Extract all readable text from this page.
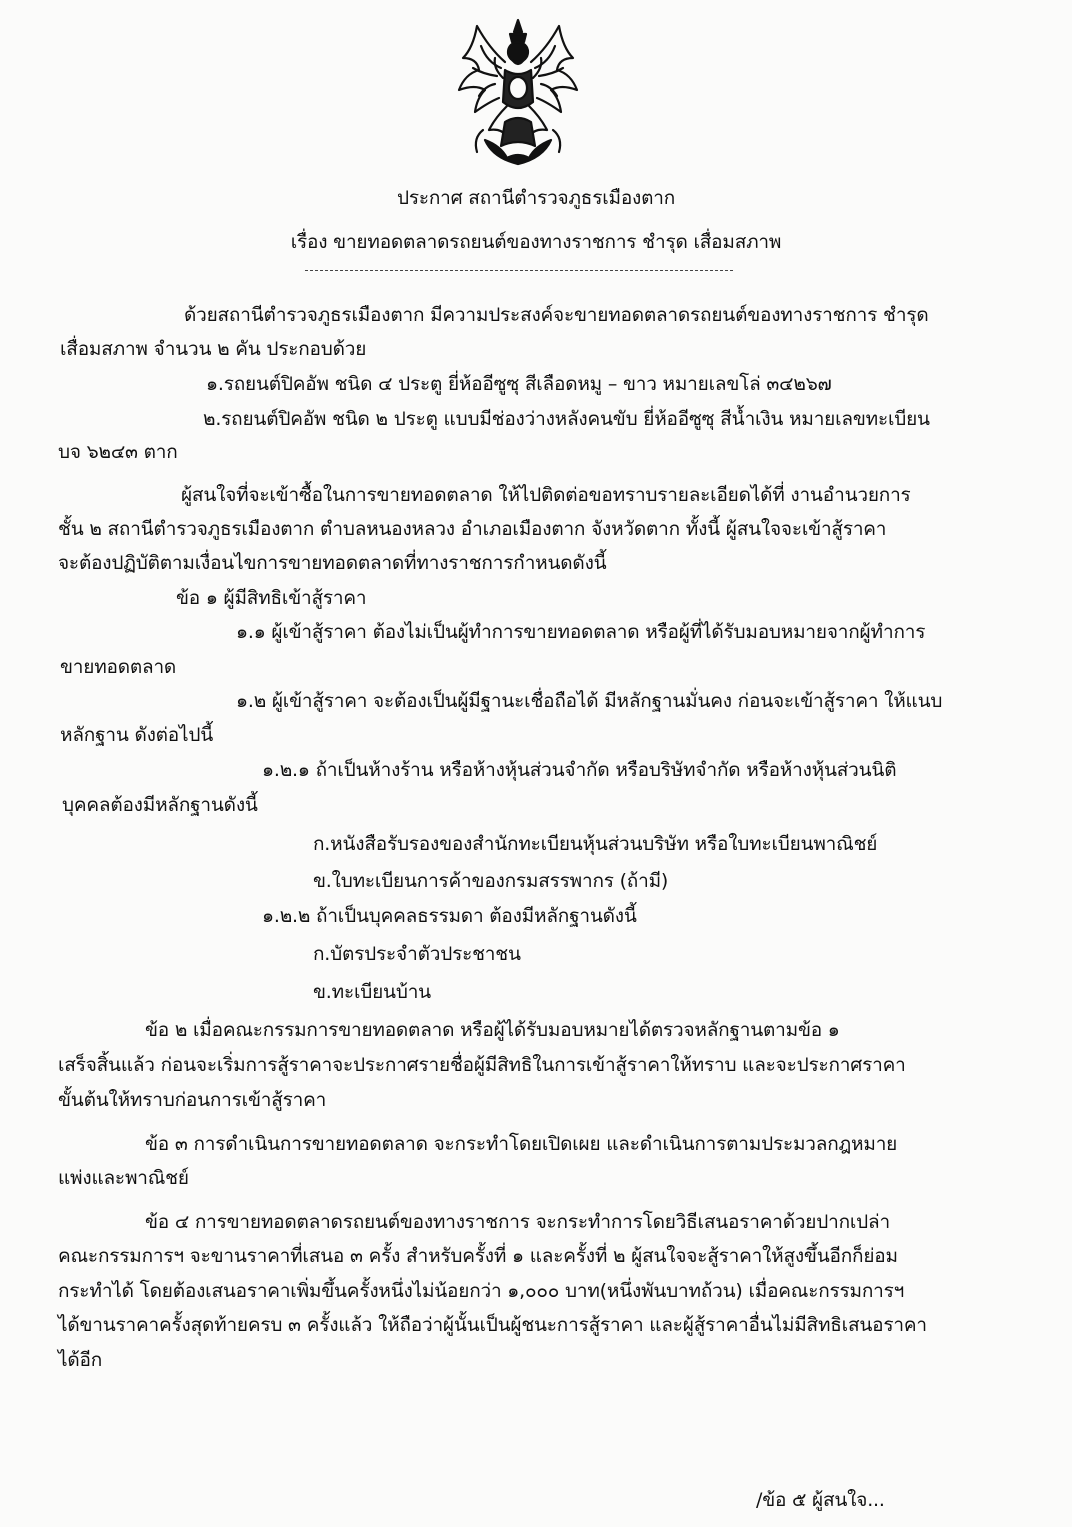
ประกาศ สถานีตำรวจภูธรเมืองตาก
เรื่อง ขายทอดตลาดรถยนต์ของทางราชการ ชำรุด เสื่อมสภาพ
ด้วยสถานีตำรวจภูธรเมืองตาก มีความประสงค์จะขายทอดตลาดรถยนต์ของทางราชการ ชำรุด
เสื่อมสภาพ จำนวน ๒ คัน ประกอบด้วย
๑.รถยนต์ปิคอัพ ชนิด ๔ ประตู ยี่ห้ออีซูซุ สีเลือดหมู – ขาว หมายเลขโล่ ๓๔๒๖๗
๒.รถยนต์ปิคอัพ ชนิด ๒ ประตู แบบมีช่องว่างหลังคนขับ ยี่ห้ออีซูซุ สีน้ำเงิน หมายเลขทะเบียน
บจ ๖๒๔๓ ตาก
ผู้สนใจที่จะเข้าซื้อในการขายทอดตลาด ให้ไปติดต่อขอทราบรายละเอียดได้ที่ งานอำนวยการ
ชั้น ๒ สถานีตำรวจภูธรเมืองตาก ตำบลหนองหลวง อำเภอเมืองตาก จังหวัดตาก ทั้งนี้ ผู้สนใจจะเข้าสู้ราคา
จะต้องปฏิบัติตามเงื่อนไขการขายทอดตลาดที่ทางราชการกำหนดดังนี้
ข้อ ๑ ผู้มีสิทธิเข้าสู้ราคา
๑.๑ ผู้เข้าสู้ราคา ต้องไม่เป็นผู้ทำการขายทอดตลาด หรือผู้ที่ได้รับมอบหมายจากผู้ทำการ
ขายทอดตลาด
๑.๒ ผู้เข้าสู้ราคา จะต้องเป็นผู้มีฐานะเชื่อถือได้ มีหลักฐานมั่นคง ก่อนจะเข้าสู้ราคา ให้แนบ
หลักฐาน ดังต่อไปนี้
๑.๒.๑ ถ้าเป็นห้างร้าน หรือห้างหุ้นส่วนจำกัด หรือบริษัทจำกัด หรือห้างหุ้นส่วนนิติ
บุคคลต้องมีหลักฐานดังนี้
ก.หนังสือรับรองของสำนักทะเบียนหุ้นส่วนบริษัท หรือใบทะเบียนพาณิชย์
ข.ใบทะเบียนการค้าของกรมสรรพากร (ถ้ามี)
๑.๒.๒ ถ้าเป็นบุคคลธรรมดา ต้องมีหลักฐานดังนี้
ก.บัตรประจำตัวประชาชน
ข.ทะเบียนบ้าน
ข้อ ๒ เมื่อคณะกรรมการขายทอดตลาด หรือผู้ได้รับมอบหมายได้ตรวจหลักฐานตามข้อ ๑
เสร็จสิ้นแล้ว ก่อนจะเริ่มการสู้ราคาจะประกาศรายชื่อผู้มีสิทธิในการเข้าสู้ราคาให้ทราบ และจะประกาศราคา
ขั้นต้นให้ทราบก่อนการเข้าสู้ราคา
ข้อ ๓ การดำเนินการขายทอดตลาด จะกระทำโดยเปิดเผย และดำเนินการตามประมวลกฎหมาย
แพ่งและพาณิชย์
ข้อ ๔ การขายทอดตลาดรถยนต์ของทางราชการ จะกระทำการโดยวิธีเสนอราคาด้วยปากเปล่า
คณะกรรมการฯ จะขานราคาที่เสนอ ๓ ครั้ง สำหรับครั้งที่ ๑ และครั้งที่ ๒ ผู้สนใจจะสู้ราคาให้สูงขึ้นอีกก็ย่อม
กระทำได้ โดยต้องเสนอราคาเพิ่มขึ้นครั้งหนึ่งไม่น้อยกว่า ๑,๐๐๐ บาท(หนึ่งพันบาทถ้วน) เมื่อคณะกรรมการฯ
ได้ขานราคาครั้งสุดท้ายครบ ๓ ครั้งแล้ว ให้ถือว่าผู้นั้นเป็นผู้ชนะการสู้ราคา และผู้สู้ราคาอื่นไม่มีสิทธิเสนอราคา
ได้อีก
/ข้อ ๕ ผู้สนใจ...
